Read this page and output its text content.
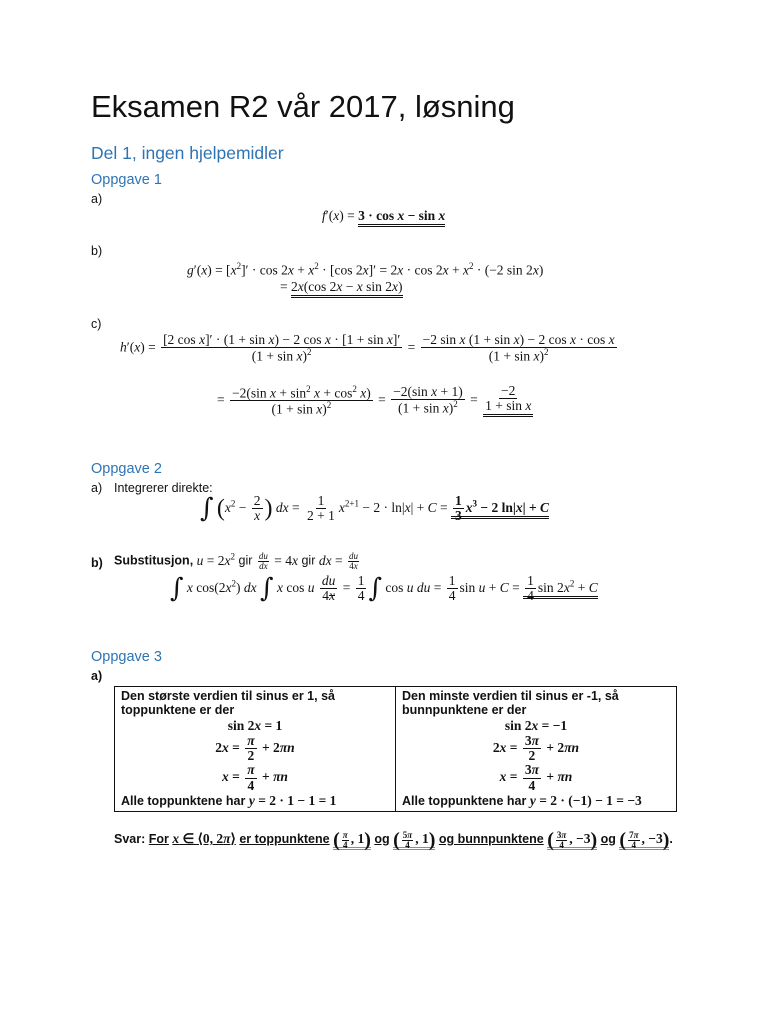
Eksamen R2 vår 2017, løsning
Del 1, ingen hjelpemidler
Oppgave 1
a)
f′(x) = 3 · cos x − sin x
b)
$g'(x) = [x^2]' \cdot \cos 2x + x^2 \cdot [\cos$ $2x]' = 2x \cdot \cos 2x + x^2 \cdot (-2$ sin 2x)
= 2x(cos 2x − x sin 2x)
c)
$h'(x) = \frac{\text{[2 cos x]′ · (1 + sin x) − 2 cos x · [1 + sin x]′}}{(1 + \sin x)^2} = \frac{\text{−2 sin x (1 + sin x) − 2 cos x · cos x}}{(1 + \sin x)^2}$
= $\frac{-2(\sin x + \sin^2 x + \cos^2 x)}{(1 + \sin x)^2} = \frac{\text{−2(sin x + 1)}}{(1 + \sin x)^2} = \frac{-2}{\text{1 + sin x}}$
Oppgave 2
a) Integrerer direkte:
∫ ($x^2 - \frac{2}{x}$ ) dx = $\frac{1}{2 + 1} x^{2+1} - 2 \cdot \ln|x| + C = \frac{1}{3} x^3 - 2$ ln|x| + C
b) Substitusjon, $u = 2x^2$ gir $\frac{du}{dx} = 4x$ gir dx = $\frac{du}{4x}$
∫ x $\cos(2x^2)$ dx ∫ x cos u $\frac{du}{4x} = \frac{1}{4}$ ∫ cos u du = $\frac{1}{4}$ $\sin u + C = \frac{1}{4}$ $\sin 2x^2 + C$
Oppgave 3
a)
Den største verdien til sinus er 1, så
toppunktene er der
sin 2x = 1
$2x = \frac{\pi}{2} + 2\pi n$
$x = \frac{\pi}{4} + \pi n$
Alle toppunktene har y = 2 · 1 − 1 = 1

Den minste verdien til sinus er -1, så
bunnpunktene er der
sin 2x = −1
$2x = \frac{3\pi}{2} + 2\pi n$
$x = \frac{3\pi}{4} + \pi n$
Alle toppunktene har y = 2 · (−1) − 1 = −3
Svar: For x ∈ ⟨0, 2π⟩ er toppunktene ( $\frac{\pi}{4}$ , 1) og ( $\frac{5\pi}{4}$ , 1) og bunnpunktene ( $\frac{3\pi}{4}$ , −3) og ( $\frac{7\pi}{4}$ , −3).
